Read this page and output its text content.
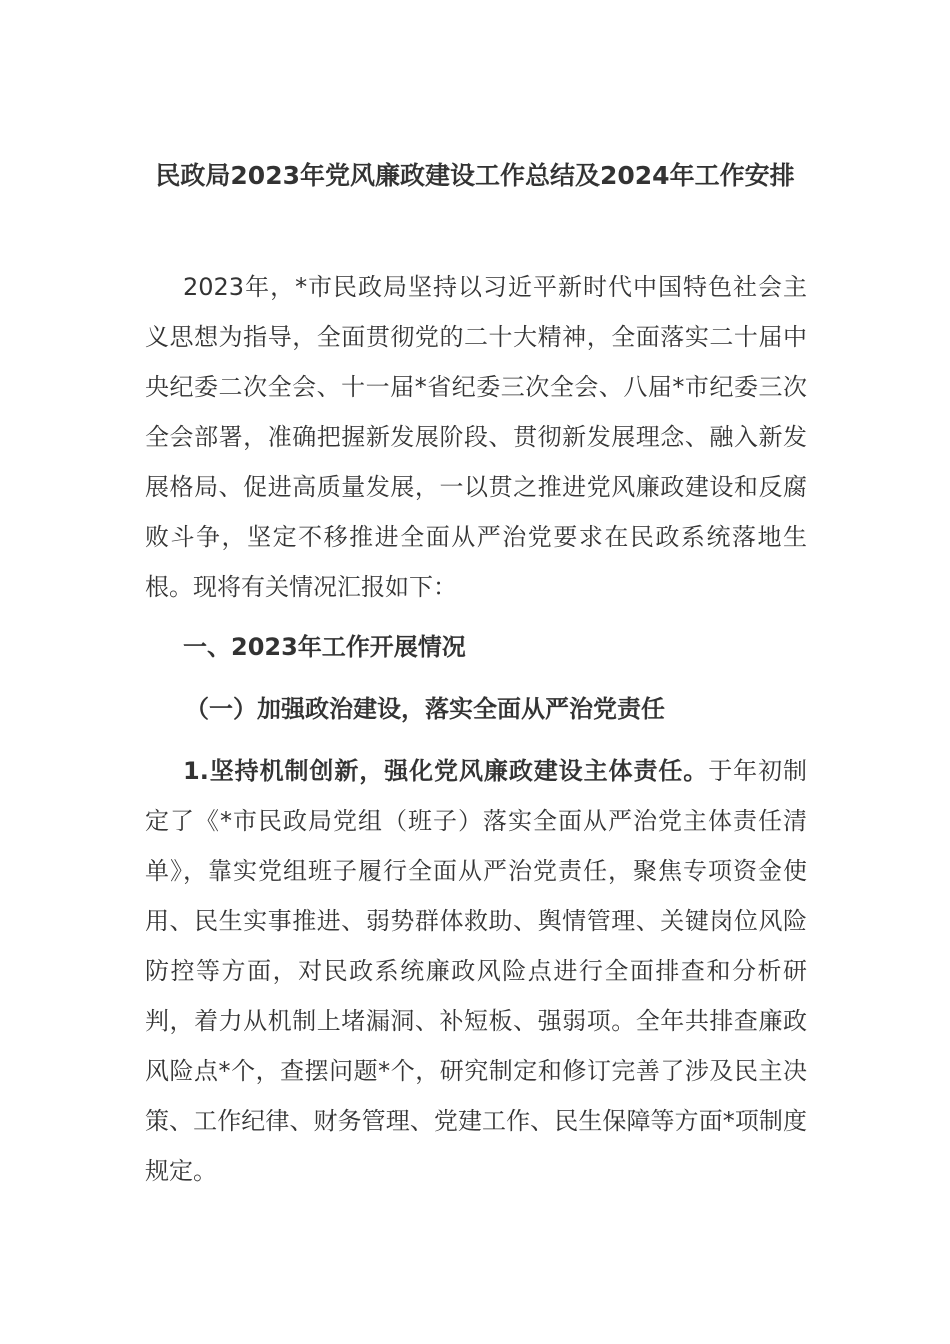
民政局2023年党风廉政建设工作总结及2024年工作安排

2023年，*市民政局坚持以习近平新时代中国特色社会主义思想为指导，全面贯彻党的二十大精神，全面落实二十届中央纪委二次全会、十一届*省纪委三次全会、八届*市纪委三次全会部署，准确把握新发展阶段、贯彻新发展理念、融入新发展格局、促进高质量发展，一以贯之推进党风廉政建设和反腐败斗争，坚定不移推进全面从严治党要求在民政系统落地生根。现将有关情况汇报如下：

一、2023年工作开展情况

（一）加强政治建设，落实全面从严治党责任

1.坚持机制创新，强化党风廉政建设主体责任。于年初制定了《*市民政局党组（班子）落实全面从严治党主体责任清单》，靠实党组班子履行全面从严治党责任，聚焦专项资金使用、民生实事推进、弱势群体救助、舆情管理、关键岗位风险防控等方面，对民政系统廉政风险点进行全面排查和分析研判，着力从机制上堵漏洞、补短板、强弱项。全年共排查廉政风险点*个，查摆问题*个，研究制定和修订完善了涉及民主决策、工作纪律、财务管理、党建工作、民生保障等方面*项制度规定。
